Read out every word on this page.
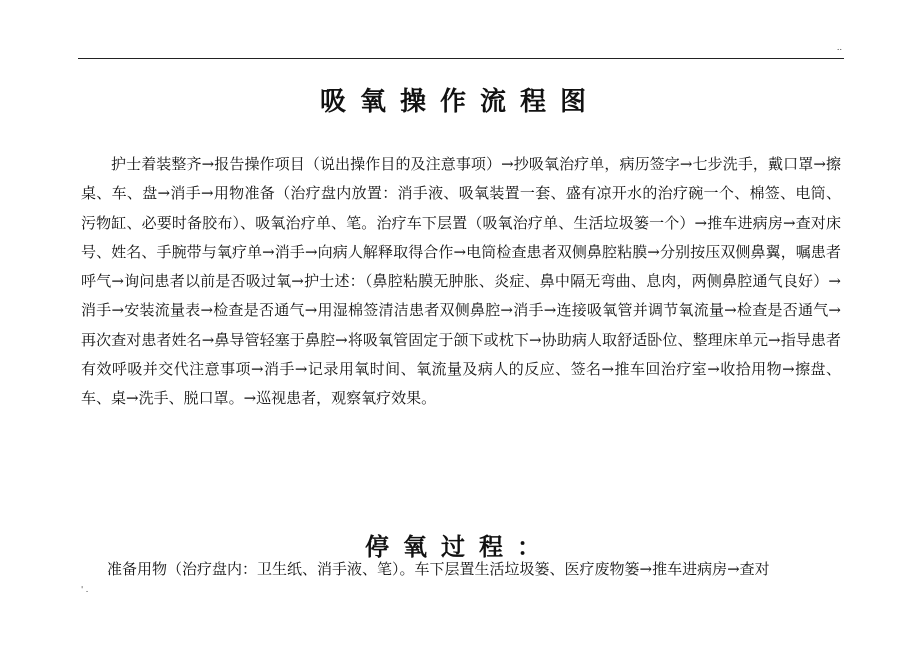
..
吸氧操作流程图

护士着装整齐→报告操作项目（说出操作目的及注意事项）→抄吸氧治疗单，病历签字→七步洗手，戴口罩→擦桌、车、盘→消手→用物准备（治疗盘内放置：消手液、吸氧装置一套、盛有凉开水的治疗碗一个、棉签、电筒、污物缸、必要时备胶布）、吸氧治疗单、笔。治疗车下层置（吸氧治疗单、生活垃圾篓一个）→推车进病房→查对床号、姓名、手腕带与氧疗单→消手→向病人解释取得合作→电筒检查患者双侧鼻腔粘膜→分别按压双侧鼻翼，嘱患者呼气→询问患者以前是否吸过氧→护士述：（鼻腔粘膜无肿胀、炎症、鼻中隔无弯曲、息肉，两侧鼻腔通气良好）→消手→安装流量表→检查是否通气→用湿棉签清洁患者双侧鼻腔→消手→连接吸氧管并调节氧流量→检查是否通气→再次查对患者姓名→鼻导管轻塞于鼻腔→将吸氧管固定于颌下或枕下→协助病人取舒适卧位、整理床单元→指导患者有效呼吸并交代注意事项→消手→记录用氧时间、氧流量及病人的反应、签名→推车回治疗室→收拾用物→擦盘、车、桌→洗手、脱口罩。→巡视患者，观察氧疗效果。

停氧过程：

准备用物（治疗盘内：卫生纸、消手液、笔）。车下层置生活垃圾篓、医疗废物篓→推车进病房→查对

' .
